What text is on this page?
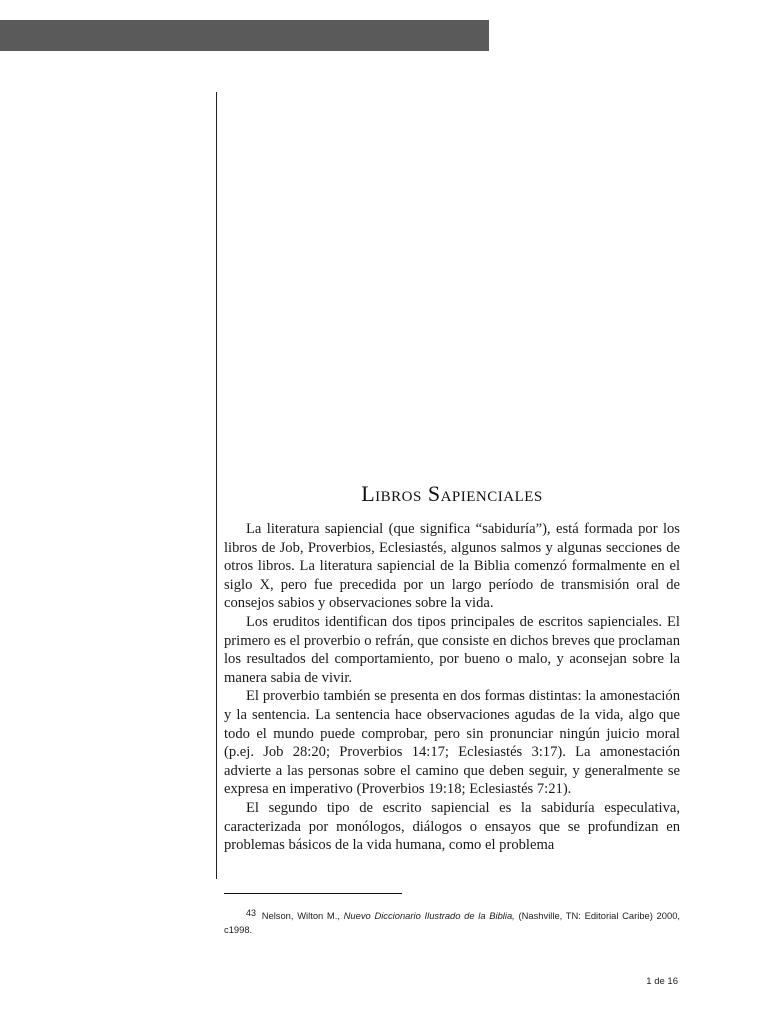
Libros Sapienciales

La literatura sapiencial (que significa “sabiduría”), está formada por los libros de Job, Proverbios, Eclesiastés, algunos salmos y algunas secciones de otros libros. La literatura sapiencial de la Biblia comenzó formalmente en el siglo X, pero fue precedida por un largo período de transmisión oral de consejos sabios y observaciones sobre la vida.

Los eruditos identifican dos tipos principales de escritos sapienciales. El primero es el proverbio o refrán, que consiste en dichos breves que proclaman los resultados del comportamiento, por bueno o malo, y aconsejan sobre la manera sabia de vivir.

El proverbio también se presenta en dos formas distintas: la amonestación y la sentencia. La sentencia hace observaciones agudas de la vida, algo que todo el mundo puede comprobar, pero sin pronunciar ningún juicio moral (p.ej. Job 28:20; Proverbios 14:17; Eclesiastés 3:17). La amonestación advierte a las personas sobre el camino que deben seguir, y generalmente se expresa en imperativo (Proverbios 19:18; Eclesiastés 7:21).

El segundo tipo de escrito sapiencial es la sabiduría especulativa, caracterizada por monólogos, diálogos o ensayos que se profundizan en problemas básicos de la vida humana, como el problema

43 Nelson, Wilton M., Nuevo Diccionario Ilustrado de la Biblia, (Nashville, TN: Editorial Caribe) 2000, c1998.
1 de 16
